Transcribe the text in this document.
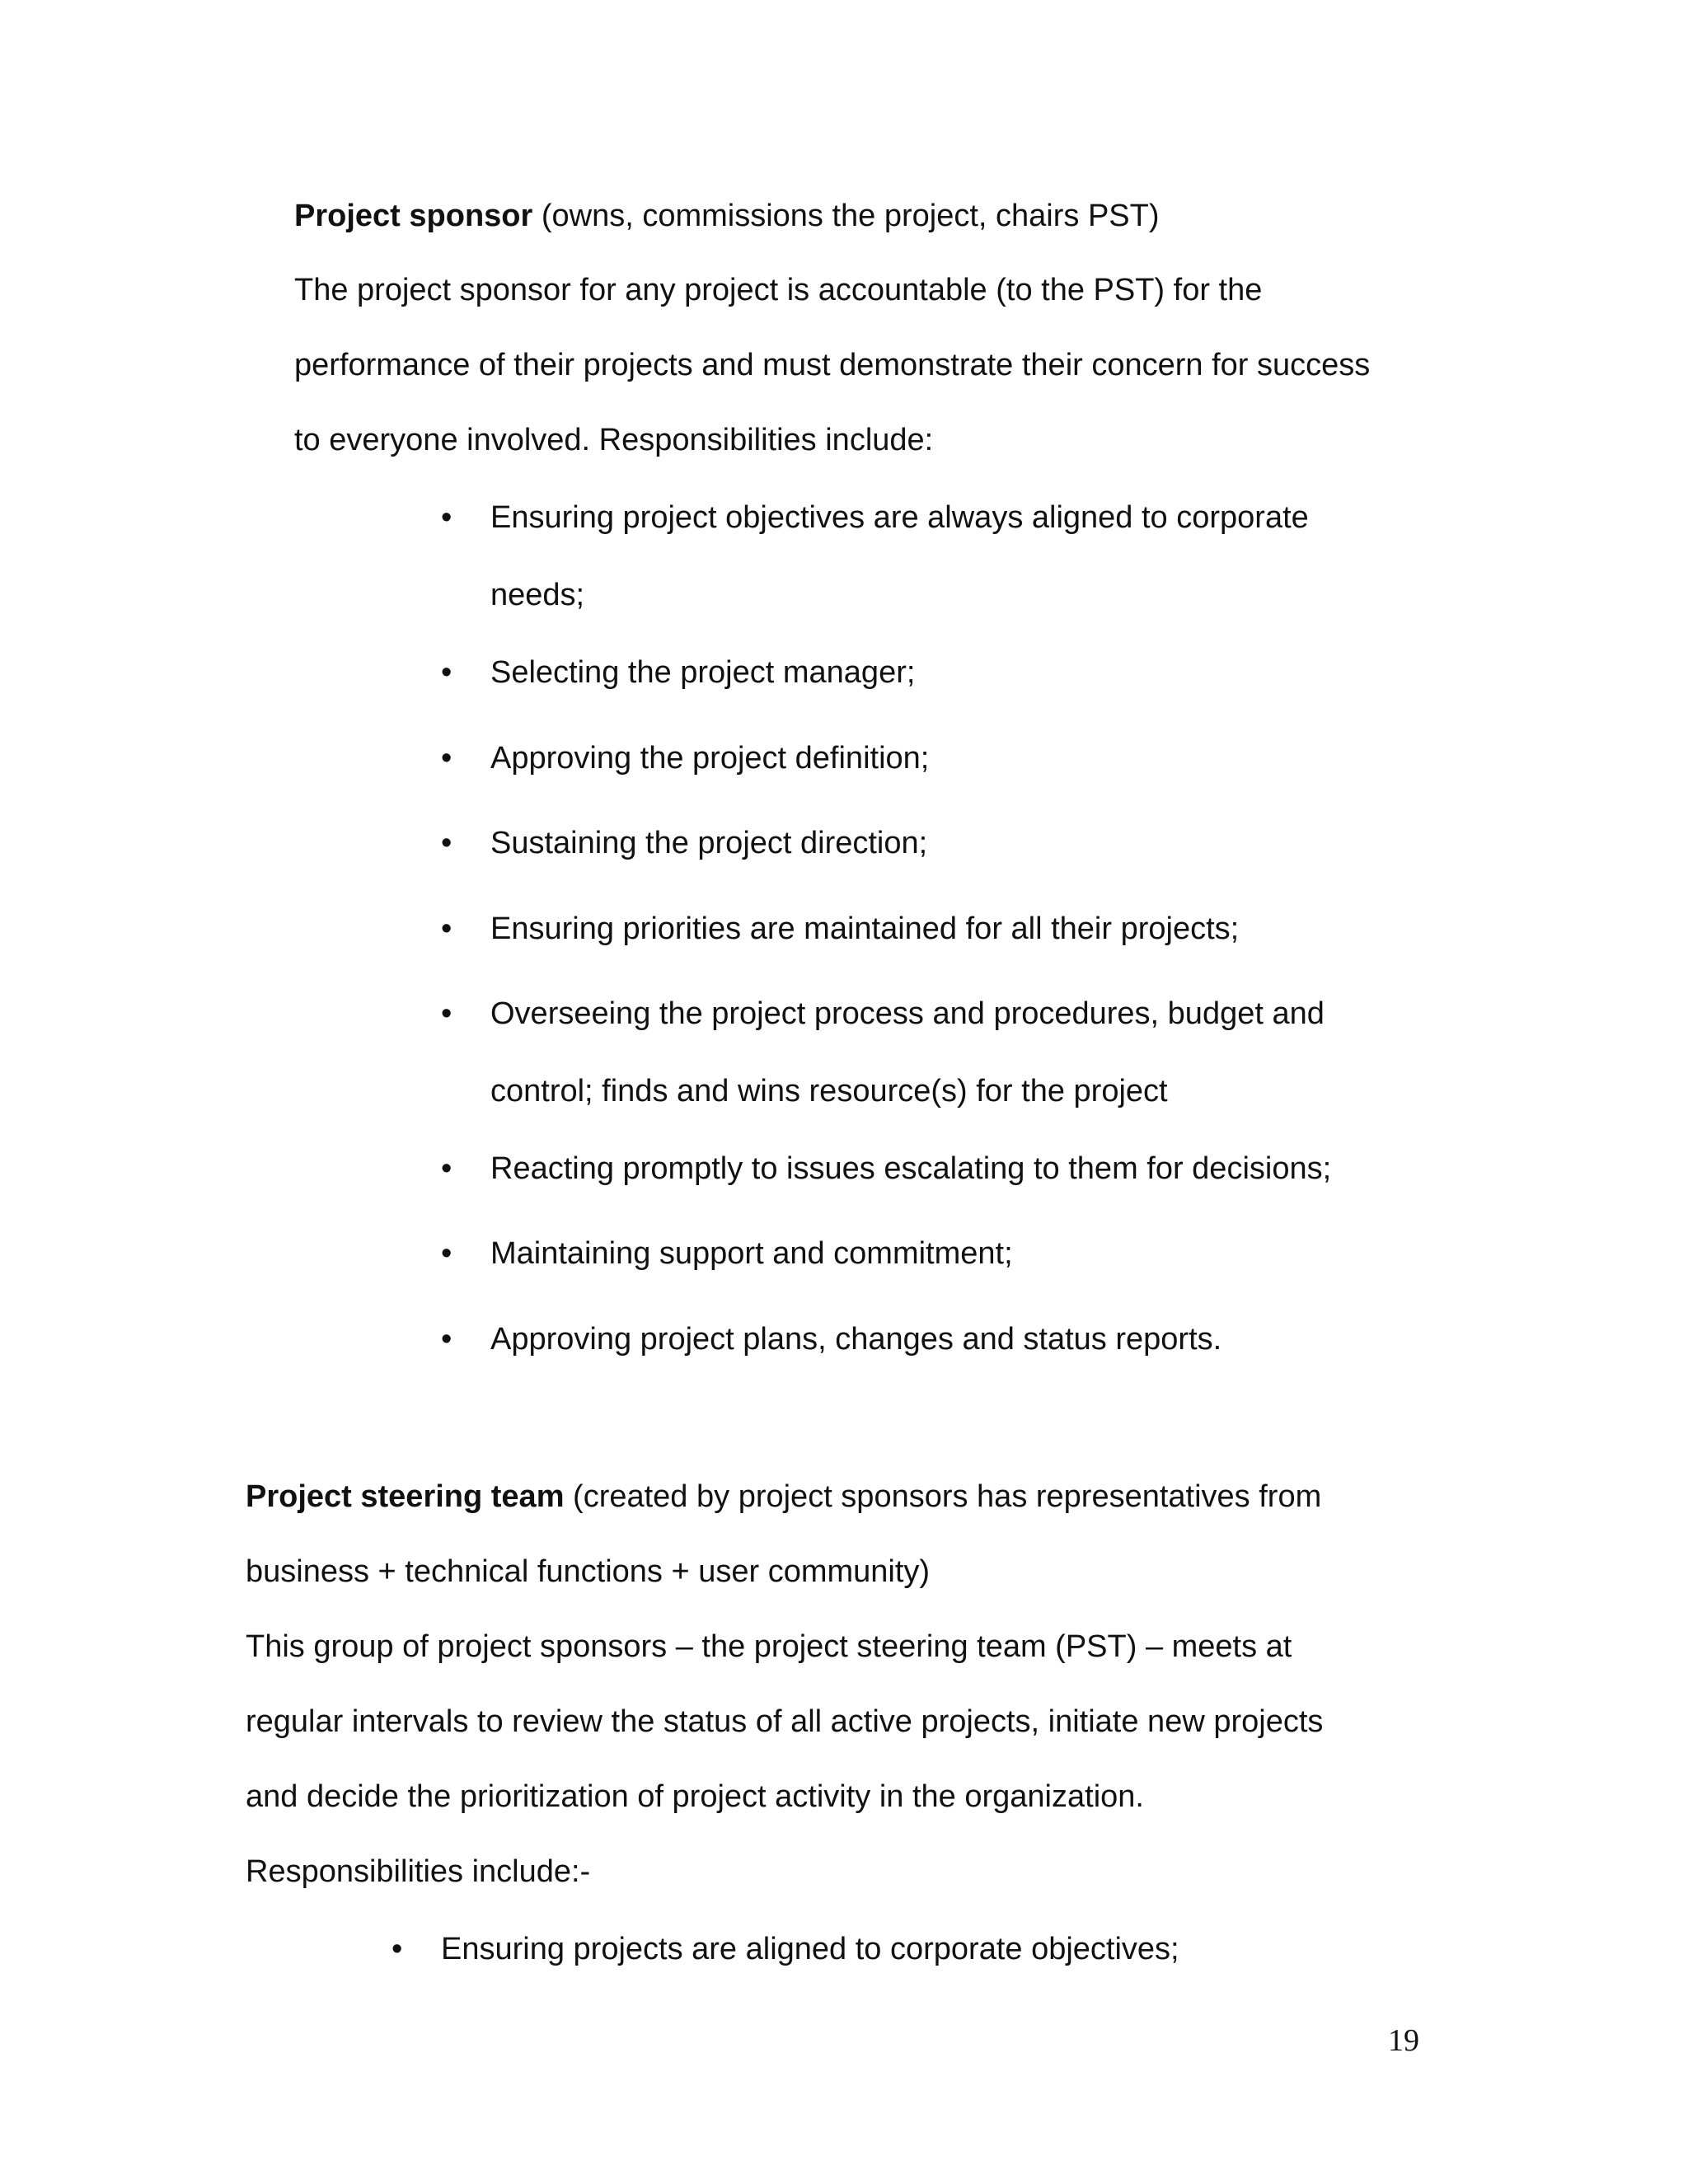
Project sponsor (owns, commissions the project, chairs PST)
The project sponsor for any project is accountable (to the PST) for the
performance of their projects and must demonstrate their concern for success
to everyone involved. Responsibilities include:
• Ensuring project objectives are always aligned to corporate
needs;
• Selecting the project manager;
• Approving the project definition;
• Sustaining the project direction;
• Ensuring priorities are maintained for all their projects;
• Overseeing the project process and procedures, budget and
control; finds and wins resource(s) for the project
• Reacting promptly to issues escalating to them for decisions;
• Maintaining support and commitment;
• Approving project plans, changes and status reports.
Project steering team (created by project sponsors has representatives from
business + technical functions + user community)
This group of project sponsors – the project steering team (PST) – meets at
regular intervals to review the status of all active projects, initiate new projects
and decide the prioritization of project activity in the organization.
Responsibilities include:-
• Ensuring projects are aligned to corporate objectives;
19
